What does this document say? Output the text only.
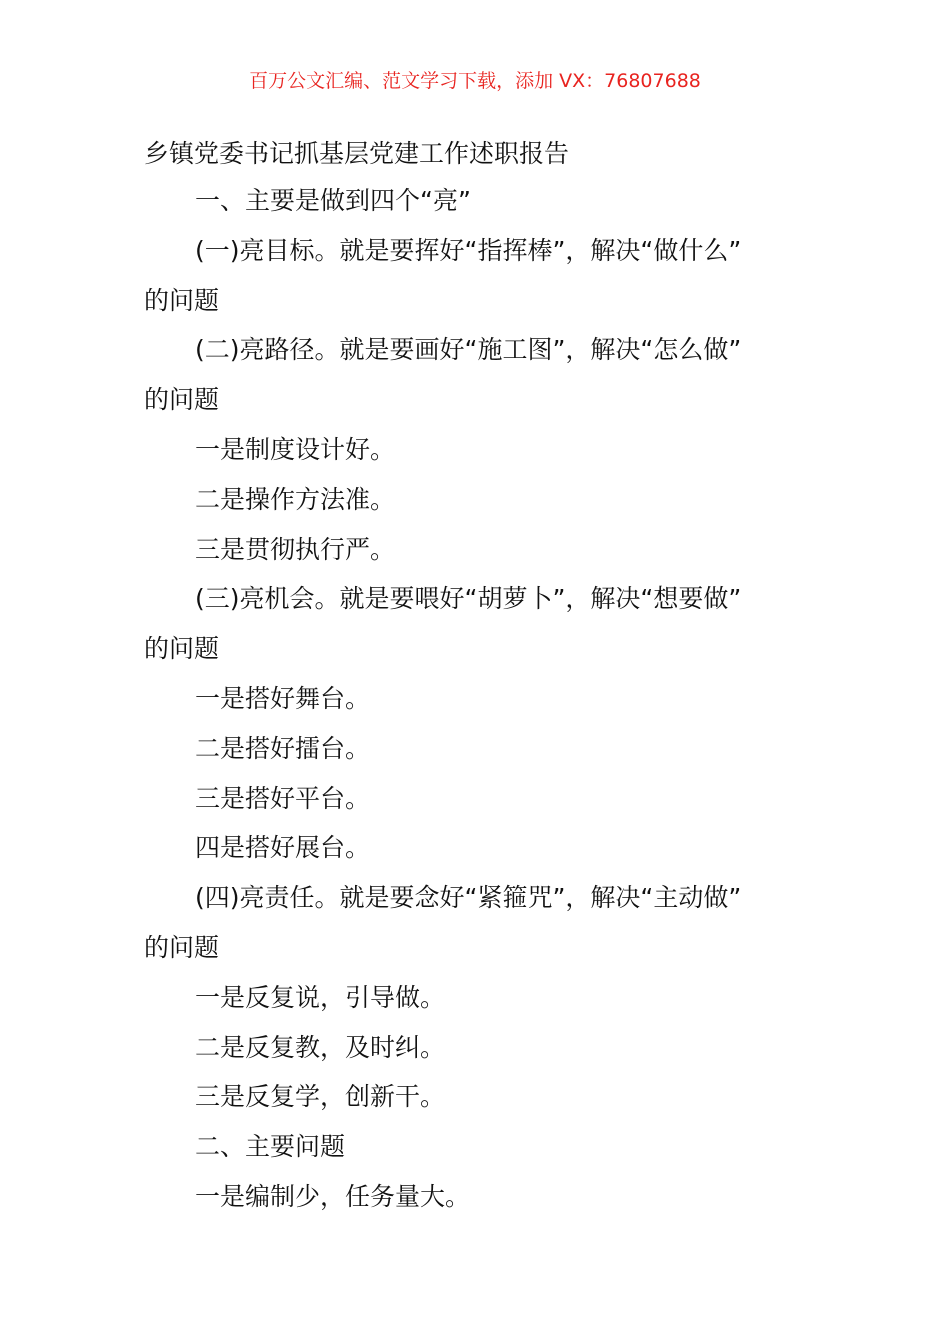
百万公文汇编、范文学习下载，添加 VX：76807688
乡镇党委书记抓基层党建工作述职报告
一、主要是做到四个“亮”
(一)亮目标。就是要挥好“指挥棒”，解决“做什么”
的问题
(二)亮路径。就是要画好“施工图”，解决“怎么做”
的问题
一是制度设计好。
二是操作方法准。
三是贯彻执行严。
(三)亮机会。就是要喂好“胡萝卜”，解决“想要做”
的问题
一是搭好舞台。
二是搭好擂台。
三是搭好平台。
四是搭好展台。
(四)亮责任。就是要念好“紧箍咒”，解决“主动做”
的问题
一是反复说，引导做。
二是反复教，及时纠。
三是反复学，创新干。
二、主要问题
一是编制少，任务量大。
